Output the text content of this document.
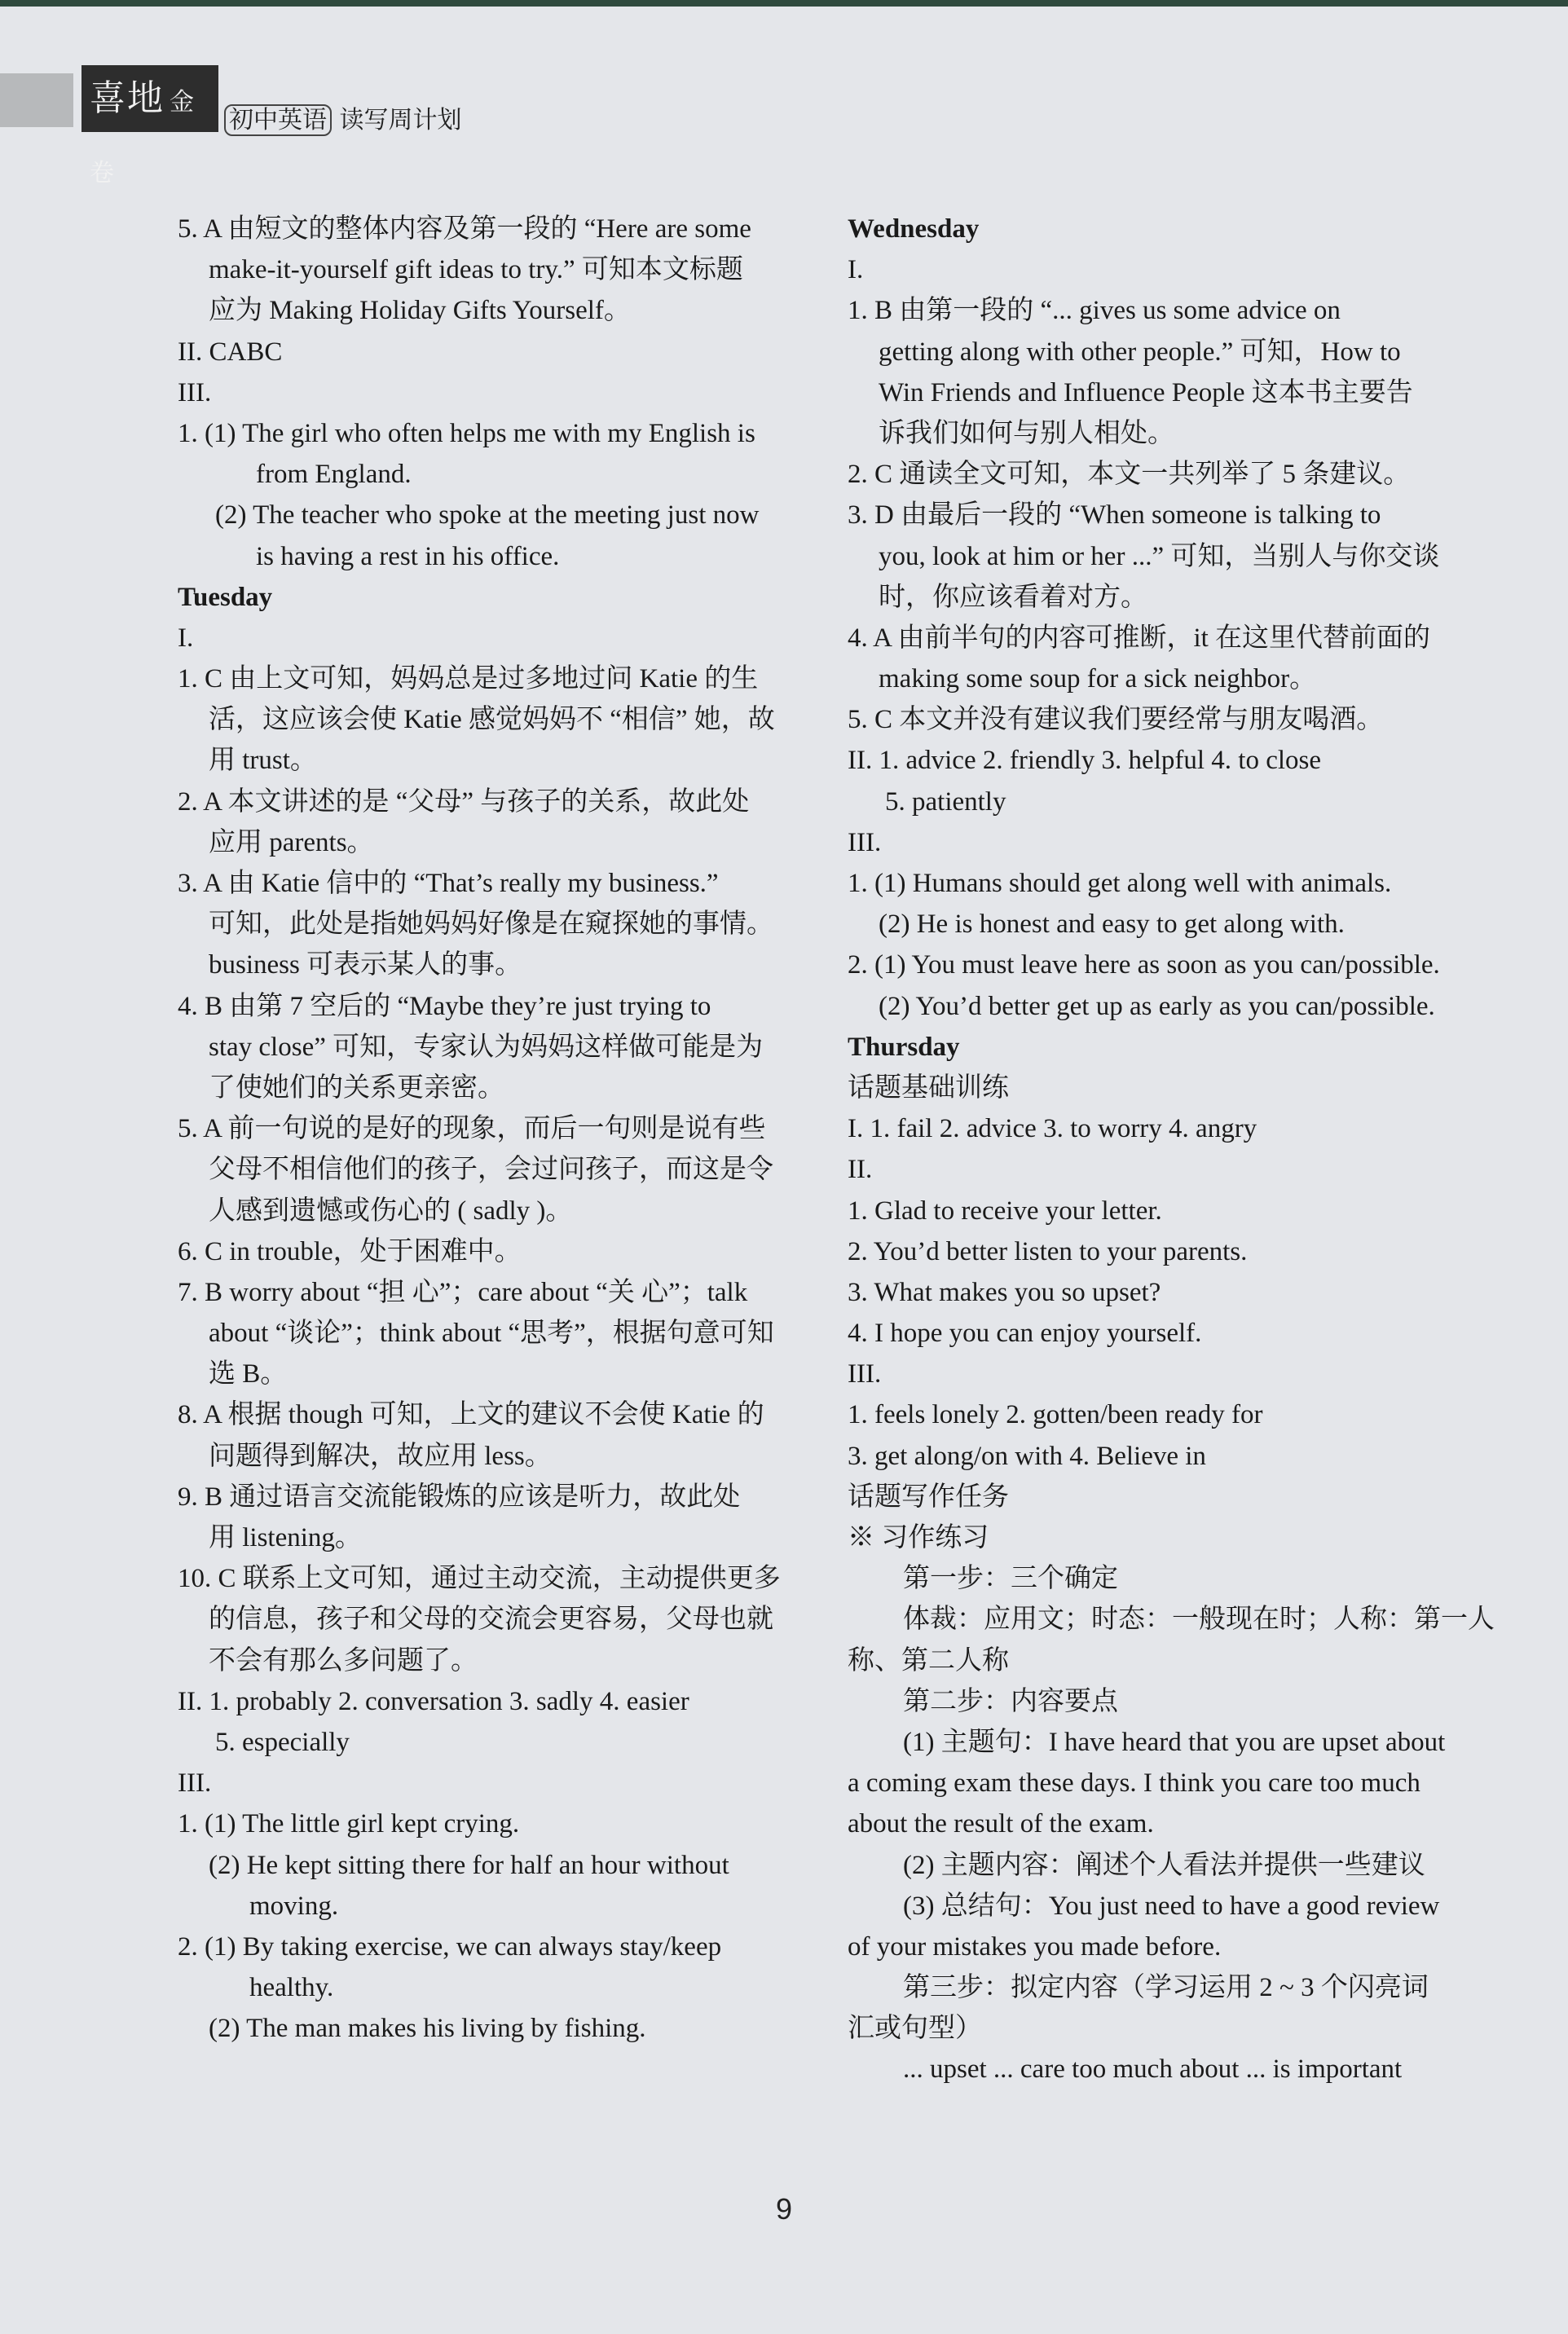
喜地 金卷
初中英语 读写周计划
5. A 由短文的整体内容及第一段的 “Here are some
make-it-yourself gift ideas to try.” 可知本文标题
应为 Making Holiday Gifts Yourself。
II. CABC
III.
1. (1) The girl who often helps me with my English is
from England.
(2) The teacher who spoke at the meeting just now
is having a rest in his office.
Tuesday
I.
1. C 由上文可知，妈妈总是过多地过问 Katie 的生
活，这应该会使 Katie 感觉妈妈不 “相信” 她，故
用 trust。
2. A 本文讲述的是 “父母” 与孩子的关系，故此处
应用 parents。
3. A 由 Katie 信中的 “That’s really my business.”
可知，此处是指她妈妈好像是在窥探她的事情。
business 可表示某人的事。
4. B 由第 7 空后的 “Maybe they’re just trying to
stay close” 可知，专家认为妈妈这样做可能是为
了使她们的关系更亲密。
5. A 前一句说的是好的现象，而后一句则是说有些
父母不相信他们的孩子，会过问孩子，而这是令
人感到遗憾或伤心的 ( sadly )。
6. C in trouble，处于困难中。
7. B worry about “担 心”；care about “关 心”；talk
about “谈论”；think about “思考”，根据句意可知
选 B。
8. A 根据 though 可知，上文的建议不会使 Katie 的
问题得到解决，故应用 less。
9. B 通过语言交流能锻炼的应该是听力，故此处
用 listening。
10. C 联系上文可知，通过主动交流，主动提供更多
的信息，孩子和父母的交流会更容易，父母也就
不会有那么多问题了。
II. 1. probably 2. conversation 3. sadly 4. easier
5. especially
III.
1. (1) The little girl kept crying.
(2) He kept sitting there for half an hour without
moving.
2. (1) By taking exercise, we can always stay/keep
healthy.
(2) The man makes his living by fishing.
Wednesday
I.
1. B 由第一段的 “... gives us some advice on
getting along with other people.” 可知，How to
Win Friends and Influence People 这本书主要告
诉我们如何与别人相处。
2. C 通读全文可知，本文一共列举了 5 条建议。
3. D 由最后一段的 “When someone is talking to
you, look at him or her ...” 可知，当别人与你交谈
时，你应该看着对方。
4. A 由前半句的内容可推断，it 在这里代替前面的
making some soup for a sick neighbor。
5. C 本文并没有建议我们要经常与朋友喝酒。
II. 1. advice 2. friendly 3. helpful 4. to close
5. patiently
III.
1. (1) Humans should get along well with animals.
(2) He is honest and easy to get along with.
2. (1) You must leave here as soon as you can/possible.
(2) You’d better get up as early as you can/possible.
Thursday
话题基础训练
I. 1. fail 2. advice 3. to worry 4. angry
II.
1. Glad to receive your letter.
2. You’d better listen to your parents.
3. What makes you so upset?
4. I hope you can enjoy yourself.
III.
1. feels lonely 2. gotten/been ready for
3. get along/on with 4. Believe in
话题写作任务
※ 习作练习
第一步：三个确定
体裁：应用文；时态：一般现在时；人称：第一人
称、第二人称
第二步：内容要点
(1) 主题句：I have heard that you are upset about
a coming exam these days. I think you care too much
about the result of the exam.
(2) 主题内容：阐述个人看法并提供一些建议
(3) 总结句：You just need to have a good review
of your mistakes you made before.
第三步：拟定内容（学习运用 2 ~ 3 个闪亮词
汇或句型）
... upset ... care too much about ... is important
9
